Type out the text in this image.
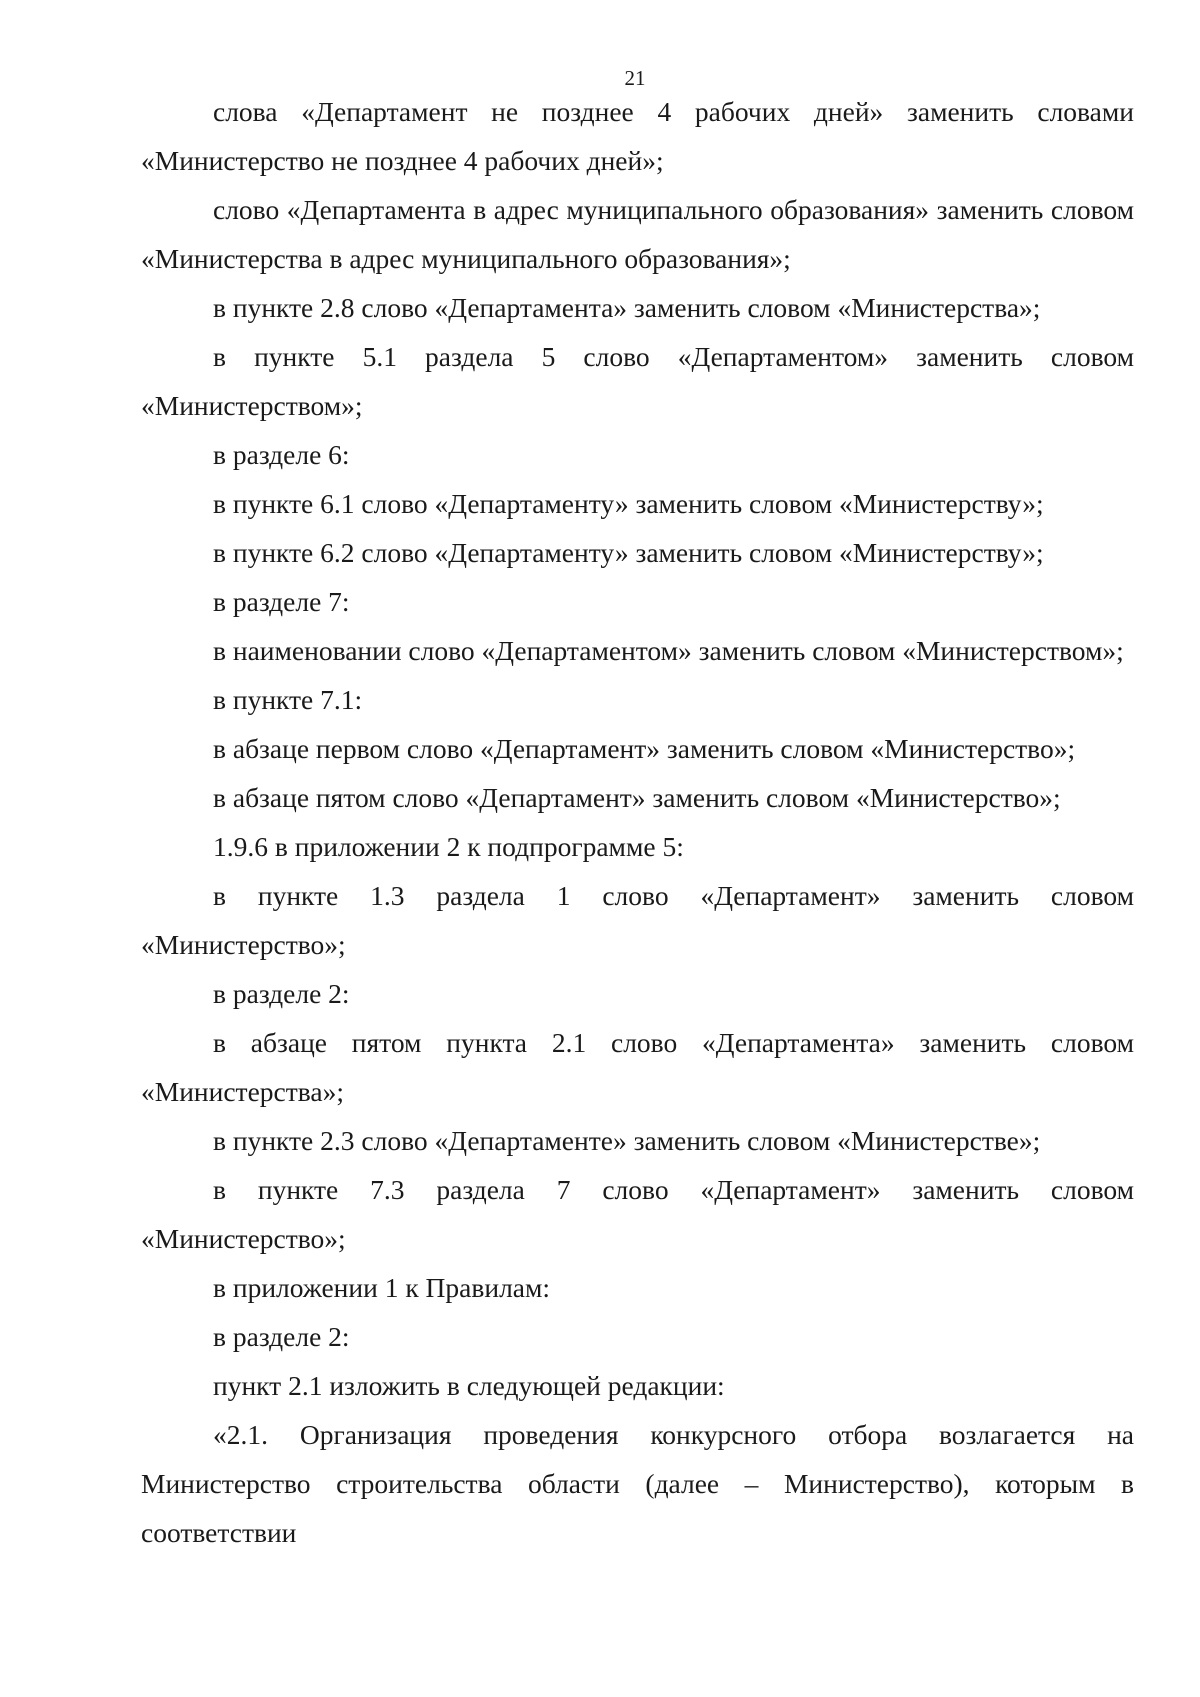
21

слова «Департамент не позднее 4 рабочих дней» заменить словами «Министерство не позднее 4 рабочих дней»;

слово «Департамента в адрес муниципального образования» заменить словом «Министерства в адрес муниципального образования»;

в пункте 2.8 слово «Департамента» заменить словом «Министерства»;

в пункте 5.1 раздела 5 слово «Департаментом» заменить словом «Министерством»;

в разделе 6:

в пункте 6.1 слово «Департаменту» заменить словом «Министерству»;

в пункте 6.2 слово «Департаменту» заменить словом «Министерству»;

в разделе 7:

в наименовании слово «Департаментом» заменить словом «Министерством»;

в пункте 7.1:

в абзаце первом слово «Департамент» заменить словом «Министерство»;

в абзаце пятом слово «Департамент» заменить словом «Министерство»;

1.9.6 в приложении 2 к подпрограмме 5:

в пункте 1.3 раздела 1 слово «Департамент» заменить словом «Министерство»;

в разделе 2:

в абзаце пятом пункта 2.1 слово «Департамента» заменить словом «Министерства»;

в пункте 2.3 слово «Департаменте» заменить словом «Министерстве»;

в пункте 7.3 раздела 7 слово «Департамент» заменить словом «Министерство»;

в приложении 1 к Правилам:

в разделе 2:

пункт 2.1 изложить в следующей редакции:

«2.1. Организация проведения конкурсного отбора возлагается на Министерство строительства области (далее – Министерство), которым в соответствии
